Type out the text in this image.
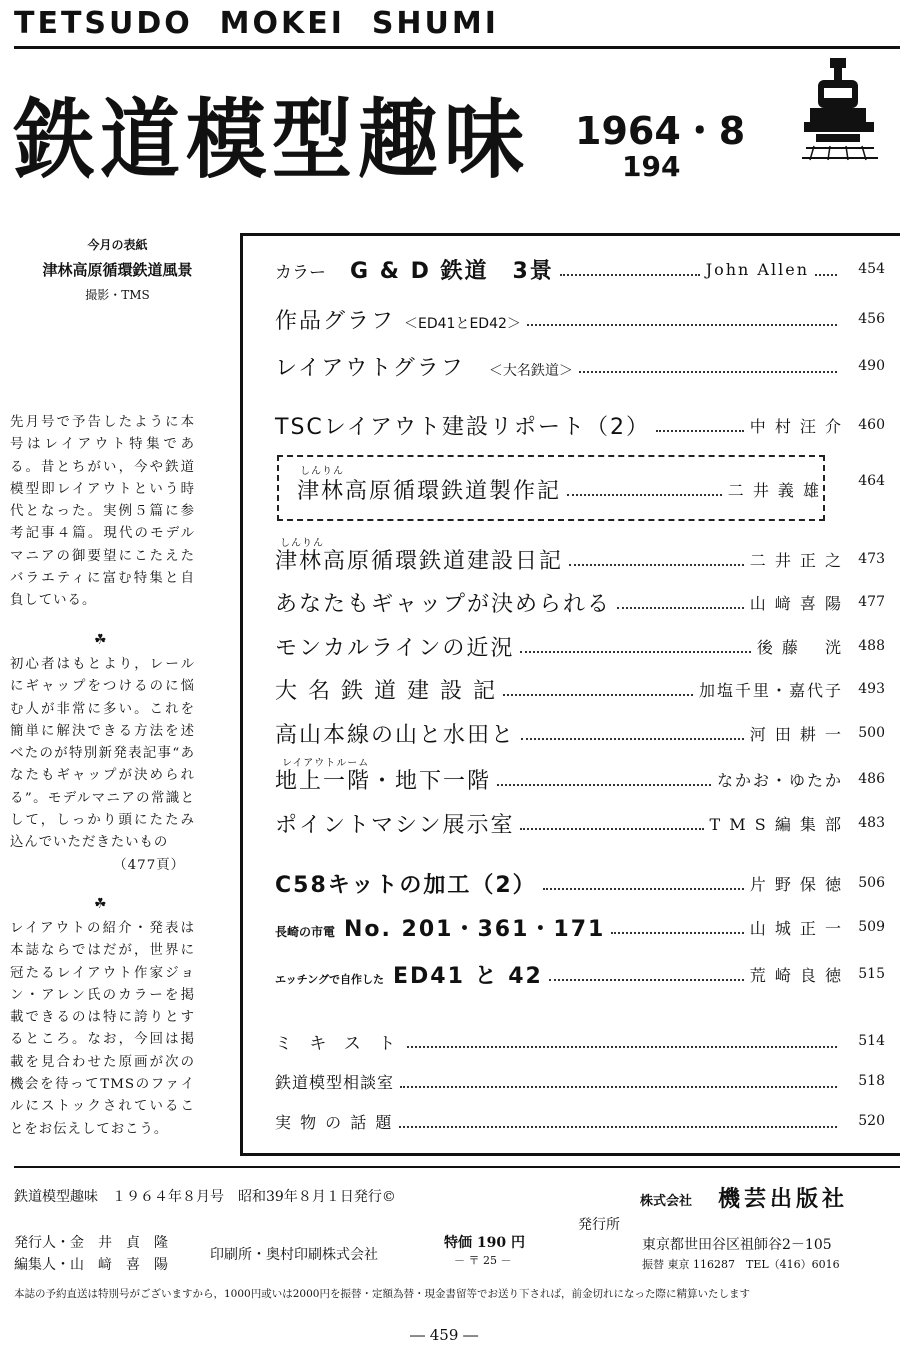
TETSUDO  MOKEI  SHUMI
鉄道模型趣味 1964・8
194
今月の表紙
津林高原循環鉄道風景
撮影・TMS
先月号で予告したように本号はレイアウト特集である。昔とちがい，今や鉄道模型即レイアウトという時代となった。実例５篇に参考記事４篇。現代のモデルマニアの御要望にこたえたバラエティに富む特集と自負している。
☘
初心者はもとより，レールにギャップをつけるのに悩む人が非常に多い。これを簡単に解決できる方法を述べたのが特別新発表記事“あなたもギャップが決められる”。モデルマニアの常識として，しっかり頭にたたみ込んでいただきたいもの
（477頁）
☘
レイアウトの紹介・発表は本誌ならではだが，世界に冠たるレイアウト作家ジョン・アレン氏のカラーを掲載できるのは特に誇りとするところ。なお，今回は掲載を見合わせた原画が次の機会を待ってTMSのファイルにストックされていることをお伝えしておこう。
カラー　 G & D 鉄道　3景	John Allen	454
作品グラフ ＜ED41とED42＞	456
レイアウトグラフ　 ＜大名鉄道＞	490
TSCレイアウト建設リポート（2）	中 村 汪 介	460
しんりん
津林高原循環鉄道製作記	二 井 義 雄	464
しんりん
津林高原循環鉄道建設日記	二 井 正 之	473
あなたもギャップが決められる	山 﨑 喜 陽	477
モンカルラインの近況	後 藤　 洸	488
大 名 鉄 道 建 設 記	加塩千里・嘉代子	493
高山本線の山と水田と	河 田 耕 一	500
レイアウトルーム
地上一階・地下一階	なかお・ゆたか	486
ポイントマシン展示室	T M S 編 集 部	483
C58キットの加工（2）	片 野 保 徳	506
長崎の市電 No. 201・361・171	山 城 正 一	509
エッチングで自作した ED41 と 42	荒 崎 良 徳	515
ミ キ ス ト	514
鉄道模型相談室	518
実 物 の 話 題	520
鉄道模型趣味　１９６４年８月号　昭和39年８月１日発行©	株式会社 機芸出版社
発行所
発行人・金　井　貞　隆
編集人・山　﨑　喜　陽
印刷所・奥村印刷株式会社
特価 190 円
－ 〒 25 －
東京都世田谷区祖師谷2－105
振替 東京 116287　TEL（416）6016
本誌の予約直送は特別号がございますから，1000円或いは2000円を振替・定額為替・現金書留等でお送り下されば，前金切れになった際に精算いたします
― 459 ―
